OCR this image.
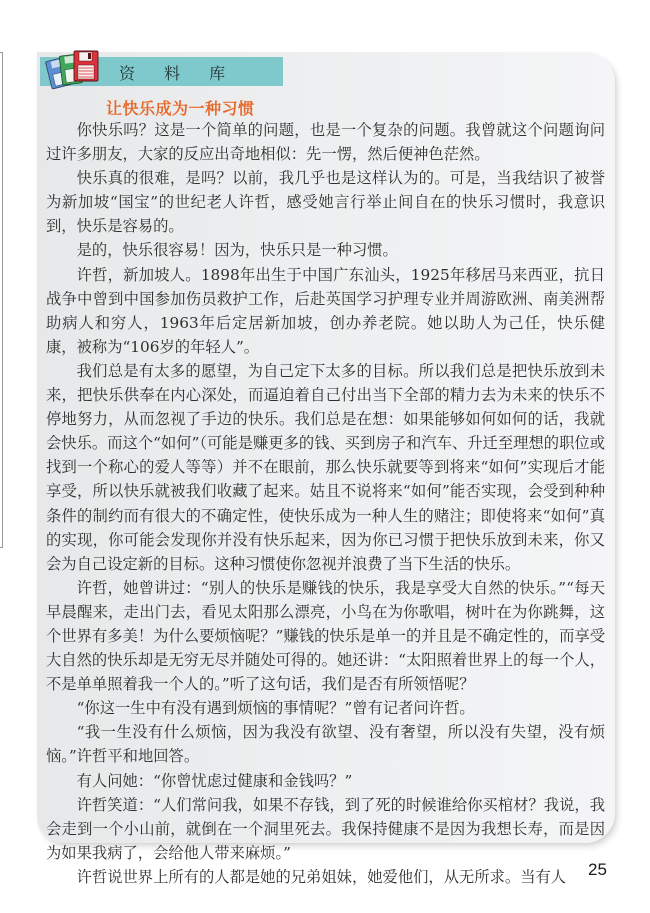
资 料 库
让快乐成为一种习惯

你快乐吗？这是一个简单的问题，也是一个复杂的问题。我曾就这个问题询问过许多朋友，大家的反应出奇地相似：先一愣，然后便神色茫然。

快乐真的很难，是吗？以前，我几乎也是这样认为的。可是，当我结识了被誉为新加坡“国宝”的世纪老人许哲，感受她言行举止间自在的快乐习惯时，我意识到，快乐是容易的。

是的，快乐很容易！因为，快乐只是一种习惯。

许哲，新加坡人。1898年出生于中国广东汕头，1925年移居马来西亚，抗日战争中曾到中国参加伤员救护工作，后赴英国学习护理专业并周游欧洲、南美洲帮助病人和穷人，1963年后定居新加坡，创办养老院。她以助人为己任，快乐健康，被称为“106岁的年轻人”。

我们总是有太多的愿望，为自己定下太多的目标。所以我们总是把快乐放到未来，把快乐供奉在内心深处，而逼迫着自己付出当下全部的精力去为未来的快乐不停地努力，从而忽视了手边的快乐。我们总是在想：如果能够如何如何的话，我就会快乐。而这个“如何”（可能是赚更多的钱、买到房子和汽车、升迁至理想的职位或找到一个称心的爱人等等）并不在眼前，那么快乐就要等到将来“如何”实现后才能享受，所以快乐就被我们收藏了起来。姑且不说将来“如何”能否实现，会受到种种条件的制约而有很大的不确定性，使快乐成为一种人生的赌注；即使将来“如何”真的实现，你可能会发现你并没有快乐起来，因为你已习惯于把快乐放到未来，你又会为自己设定新的目标。这种习惯使你忽视并浪费了当下生活的快乐。

许哲，她曾讲过：“别人的快乐是赚钱的快乐，我是享受大自然的快乐。”“每天早晨醒来，走出门去，看见太阳那么漂亮，小鸟在为你歌唱，树叶在为你跳舞，这个世界有多美！为什么要烦恼呢？”赚钱的快乐是单一的并且是不确定性的，而享受大自然的快乐却是无穷无尽并随处可得的。她还讲：“太阳照着世界上的每一个人，不是单单照着我一个人的。”听了这句话，我们是否有所领悟呢？

“你这一生中有没有遇到烦恼的事情呢？”曾有记者问许哲。

“我一生没有什么烦恼，因为我没有欲望、没有奢望，所以没有失望，没有烦恼。”许哲平和地回答。

有人问她：“你曾忧虑过健康和金钱吗？”

许哲笑道：“人们常问我，如果不存钱，到了死的时候谁给你买棺材？我说，我会走到一个小山前，就倒在一个洞里死去。我保持健康不是因为我想长寿，而是因为如果我病了，会给他人带来麻烦。”

许哲说世界上所有的人都是她的兄弟姐妹，她爱他们，从无所求。当有人	25
